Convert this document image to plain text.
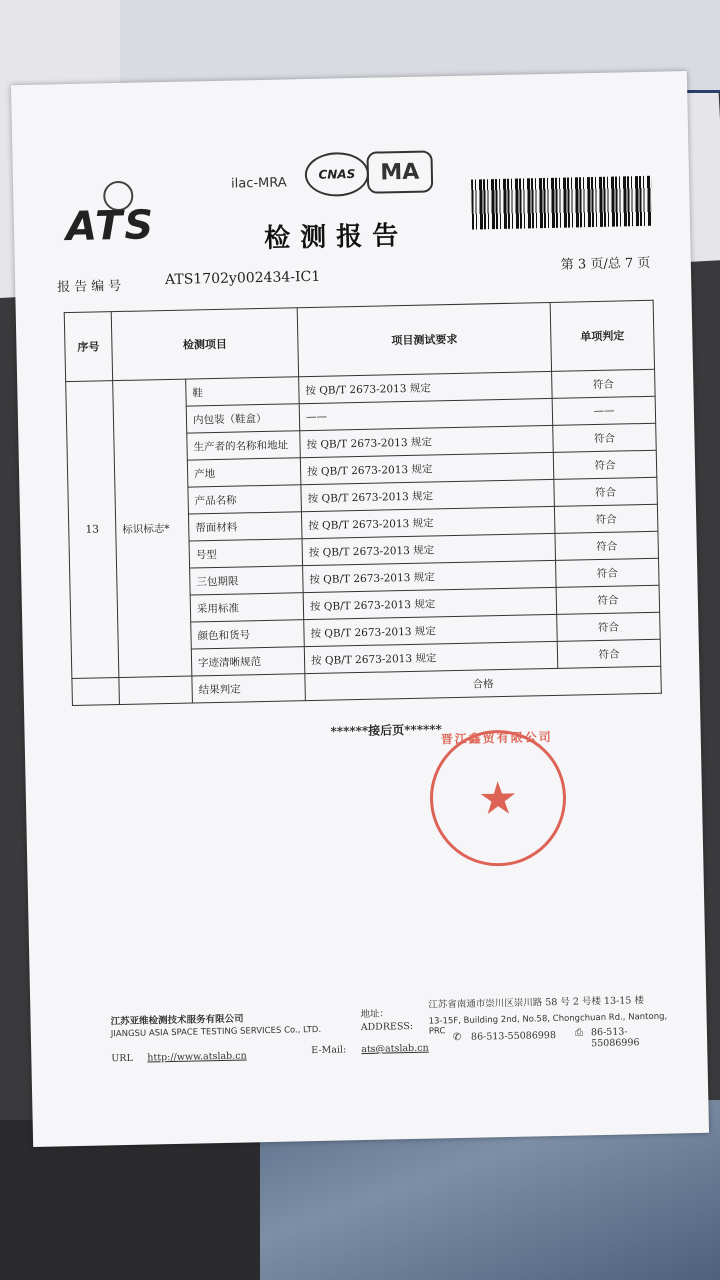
ATS
ilac-MRA
CNAS	MA
检测报告
报告编号	ATS1702y002434-IC1
第 3 页/总 7 页
序号	检测项目		项目测试要求	单项判定
13	标识标志*	鞋	按 QB/T 2673-2013 规定	符合
		内包装（鞋盒）	——	——
		生产者的名称和地址	按 QB/T 2673-2013 规定	符合
		产地	按 QB/T 2673-2013 规定	符合
		产品名称	按 QB/T 2673-2013 规定	符合
		帮面材料	按 QB/T 2673-2013 规定	符合
		号型	按 QB/T 2673-2013 规定	符合
		三包期限	按 QB/T 2673-2013 规定	符合
		采用标准	按 QB/T 2673-2013 规定	符合
		颜色和货号	按 QB/T 2673-2013 规定	符合
		字迹清晰规范	按 QB/T 2673-2013 规定	符合
		结果判定	合格	
******接后页******
晋江鑫贸有限公司
★
江苏亚维检测技术服务有限公司
JIANGSU ASIA SPACE TESTING SERVICES Co., LTD.
URL http://www.atslab.cn
地址：
ADDRESS:
E-Mail: ats@atslab.cn
江苏省南通市崇川区崇川路 58 号 2 号楼 13-15 楼
13-15F, Building 2nd, No.58, Chongchuan Rd., Nantong, PRC
✆ 86-513-55086998 ⎙ 86-513-55086996
